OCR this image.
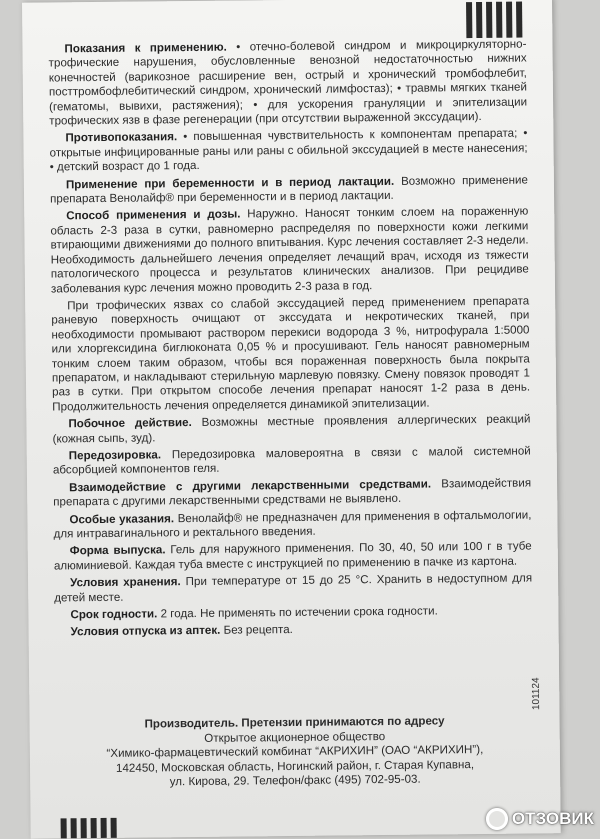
Показания к применению. • отечно-болевой синдром и микроциркуляторно-трофические нарушения, обусловленные венозной недостаточностью нижних конечностей (варикозное расширение вен, острый и хронический тромбофлебит, посттромбофлебитический синдром, хронический лимфостаз); • травмы мягких тканей (гематомы, вывихи, растяжения); • для ускорения грануляции и эпителизации трофических язв в фазе регенерации (при отсутствии выраженной экссудации).

Противопоказания. • повышенная чувствительность к компонентам препарата; • открытые инфицированные раны или раны с обильной экссудацией в месте нанесения; • детский возраст до 1 года.

Применение при беременности и в период лактации. Возможно применение препарата Венолайф® при беременности и в период лактации.

Способ применения и дозы. Наружно. Наносят тонким слоем на пораженную область 2-3 раза в сутки, равномерно распределяя по поверхности кожи легкими втирающими движениями до полного впитывания. Курс лечения составляет 2-3 недели. Необходимость дальнейшего лечения определяет лечащий врач, исходя из тяжести патологического процесса и результатов клинических анализов. При рецидиве заболевания курс лечения можно проводить 2-3 раза в год.

При трофических язвах со слабой экссудацией перед применением препарата раневую поверхность очищают от экссудата и некротических тканей, при необходимости промывают раствором перекиси водорода 3 %, нитрофурала 1:5000 или хлоргексидина биглюконата 0,05 % и просушивают. Гель наносят равномерным тонким слоем таким образом, чтобы вся пораженная поверхность была покрыта препаратом, и накладывают стерильную марлевую повязку. Смену повязок проводят 1 раз в сутки. При открытом способе лечения препарат наносят 1-2 раза в день. Продолжительность лечения определяется динамикой эпителизации.

Побочное действие. Возможны местные проявления аллергических реакций (кожная сыпь, зуд).

Передозировка. Передозировка маловероятна в связи с малой системной абсорбцией компонентов геля.

Взаимодействие с другими лекарственными средствами. Взаимодействия препарата с другими лекарственными средствами не выявлено.

Особые указания. Венолайф® не предназначен для применения в офтальмологии, для интравагинального и ректального введения.

Форма выпуска. Гель для наружного применения. По 30, 40, 50 или 100 г в тубе алюминиевой. Каждая туба вместе с инструкцией по применению в пачке из картона.

Условия хранения. При температуре от 15 до 25 °С. Хранить в недоступном для детей месте.

Срок годности. 2 года. Не применять по истечении срока годности.

Условия отпуска из аптек. Без рецепта.

101124
Производитель. Претензии принимаются по адресу
Открытое акционерное общество
“Химико-фармацевтический комбинат “АКРИХИН” (ОАО “АКРИХИН”),
142450, Московская область, Ногинский район, г. Старая Купавна,
ул. Кирова, 29. Телефон/факс (495) 702-95-03.
ОТЗОВИК
